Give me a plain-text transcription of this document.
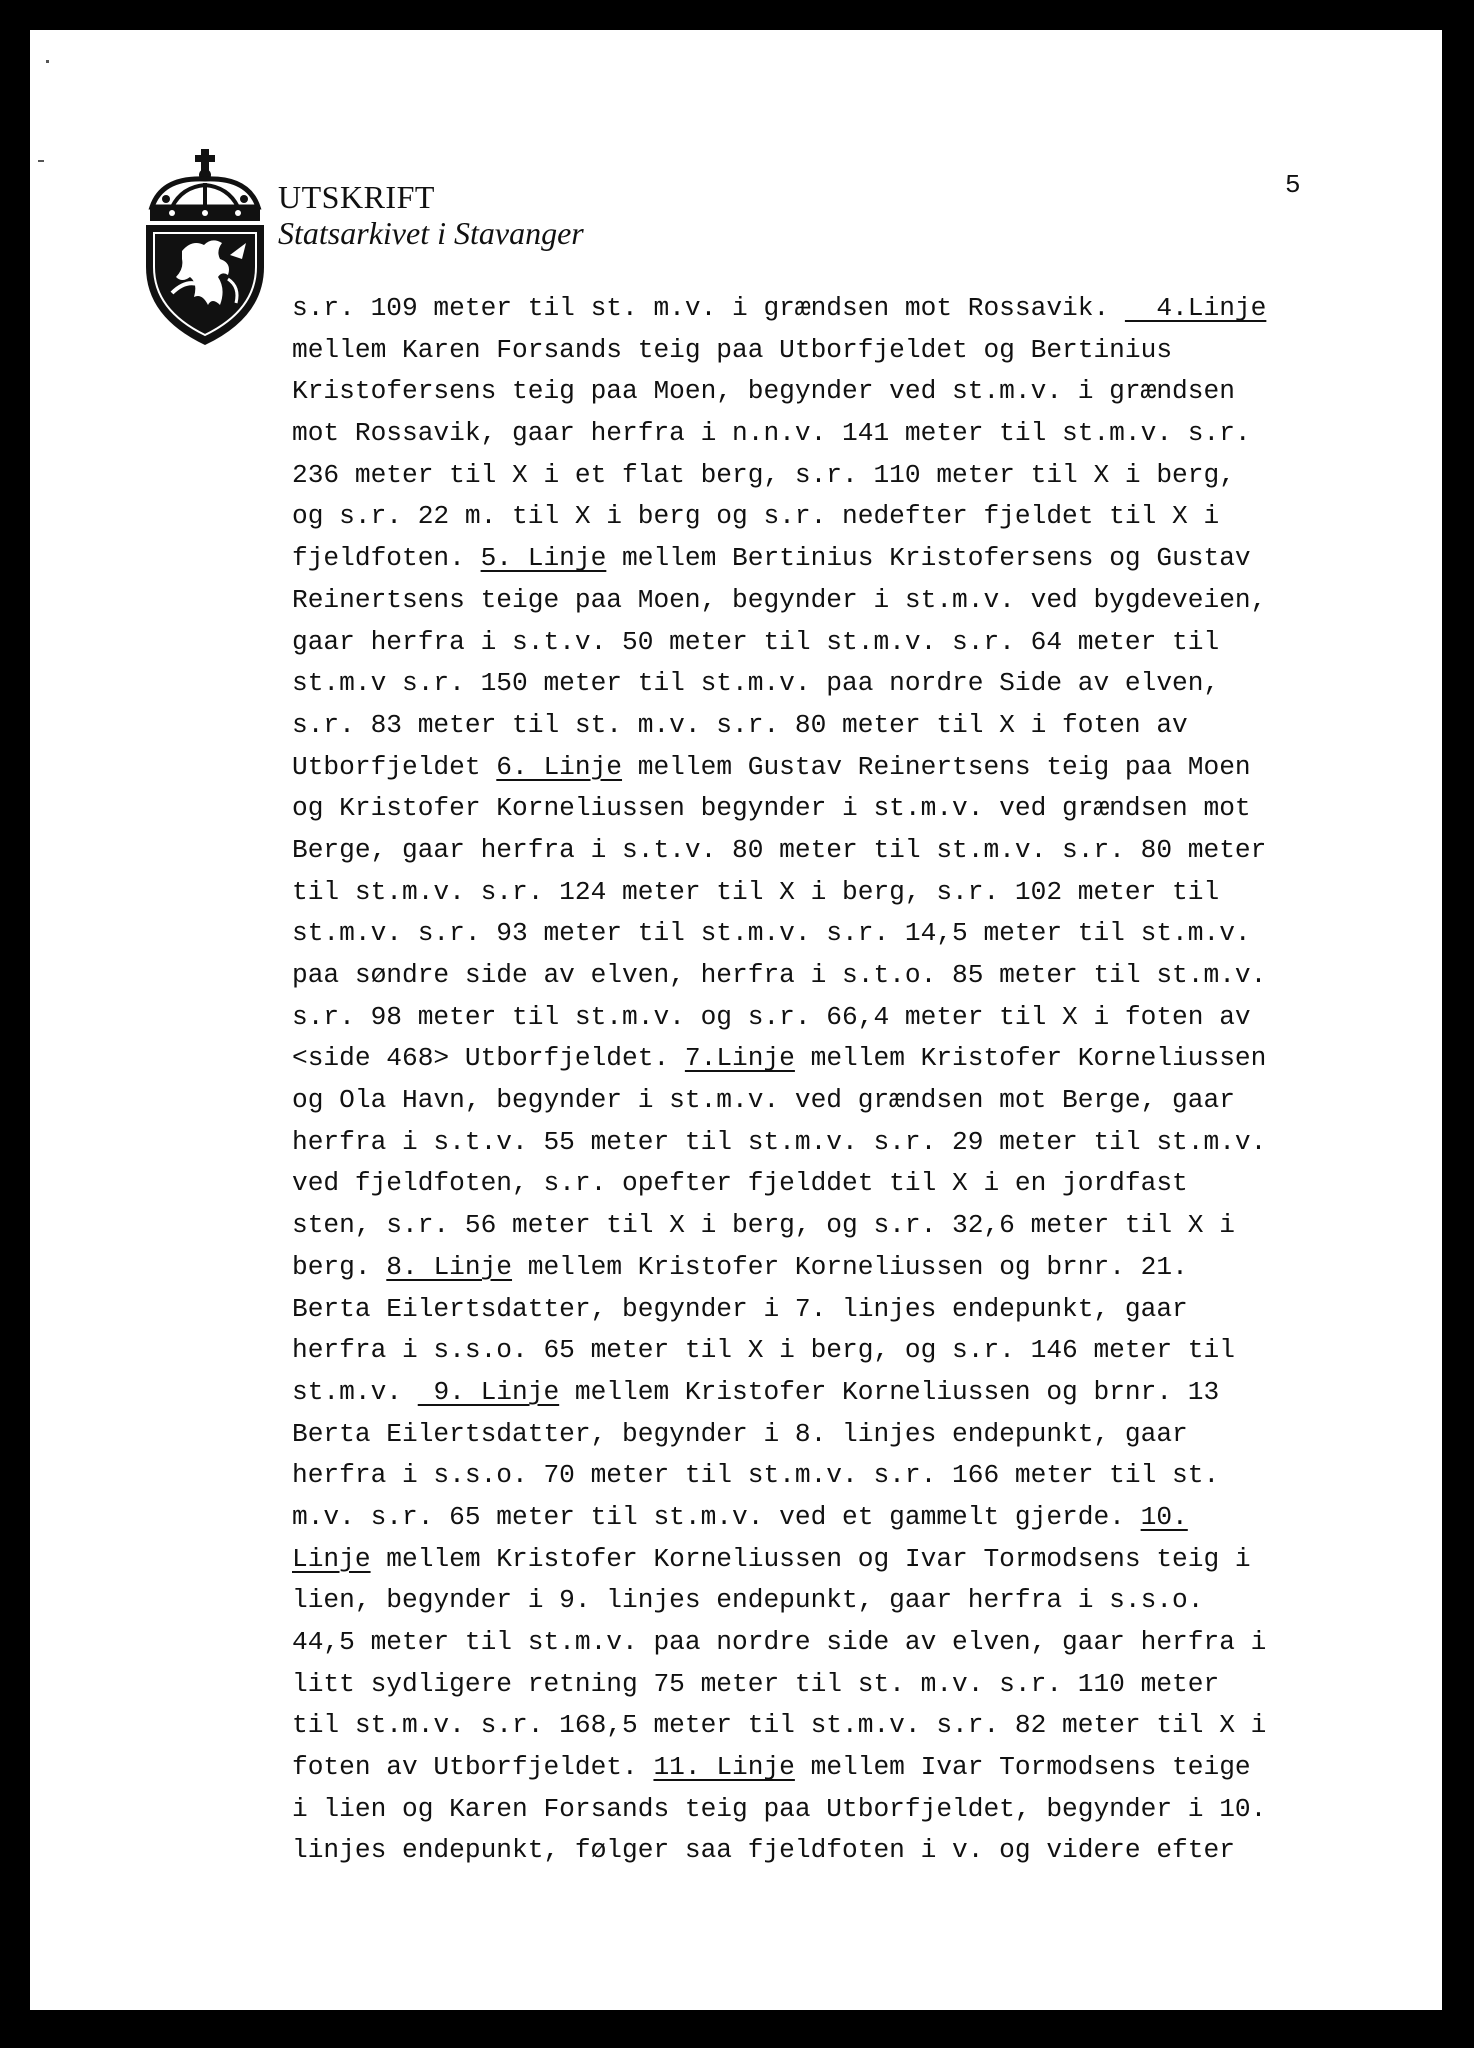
UTSKRIFT
Statsarkivet i Stavanger
5
s.r. 109 meter til st. m.v. i grændsen mot Rossavik.   4.Linje
mellem Karen Forsands teig paa Utborfjeldet og Bertinius
Kristofersens teig paa Moen, begynder ved st.m.v. i grændsen
mot Rossavik, gaar herfra i n.n.v. 141 meter til st.m.v. s.r.
236 meter til X i et flat berg, s.r. 110 meter til X i berg,
og s.r. 22 m. til X i berg og s.r. nedefter fjeldet til X i
fjeldfoten. 5. Linje mellem Bertinius Kristofersens og Gustav
Reinertsens teige paa Moen, begynder i st.m.v. ved bygdeveien,
gaar herfra i s.t.v. 50 meter til st.m.v. s.r. 64 meter til
st.m.v s.r. 150 meter til st.m.v. paa nordre Side av elven,
s.r. 83 meter til st. m.v. s.r. 80 meter til X i foten av
Utborfjeldet 6. Linje mellem Gustav Reinertsens teig paa Moen
og Kristofer Korneliussen begynder i st.m.v. ved grændsen mot
Berge, gaar herfra i s.t.v. 80 meter til st.m.v. s.r. 80 meter
til st.m.v. s.r. 124 meter til X i berg, s.r. 102 meter til
st.m.v. s.r. 93 meter til st.m.v. s.r. 14,5 meter til st.m.v.
paa søndre side av elven, herfra i s.t.o. 85 meter til st.m.v.
s.r. 98 meter til st.m.v. og s.r. 66,4 meter til X i foten av
<side 468> Utborfjeldet. 7.Linje mellem Kristofer Korneliussen
og Ola Havn, begynder i st.m.v. ved grændsen mot Berge, gaar
herfra i s.t.v. 55 meter til st.m.v. s.r. 29 meter til st.m.v.
ved fjeldfoten, s.r. opefter fjelddet til X i en jordfast
sten, s.r. 56 meter til X i berg, og s.r. 32,6 meter til X i
berg. 8. Linje mellem Kristofer Korneliussen og brnr. 21.
Berta Eilertsdatter, begynder i 7. linjes endepunkt, gaar
herfra i s.s.o. 65 meter til X i berg, og s.r. 146 meter til
st.m.v.  9. Linje mellem Kristofer Korneliussen og brnr. 13
Berta Eilertsdatter, begynder i 8. linjes endepunkt, gaar
herfra i s.s.o. 70 meter til st.m.v. s.r. 166 meter til st.
m.v. s.r. 65 meter til st.m.v. ved et gammelt gjerde. 10.
Linje mellem Kristofer Korneliussen og Ivar Tormodsens teig i
lien, begynder i 9. linjes endepunkt, gaar herfra i s.s.o.
44,5 meter til st.m.v. paa nordre side av elven, gaar herfra i
litt sydligere retning 75 meter til st. m.v. s.r. 110 meter
til st.m.v. s.r. 168,5 meter til st.m.v. s.r. 82 meter til X i
foten av Utborfjeldet. 11. Linje mellem Ivar Tormodsens teige
i lien og Karen Forsands teig paa Utborfjeldet, begynder i 10.
linjes endepunkt, følger saa fjeldfoten i v. og videre efter
